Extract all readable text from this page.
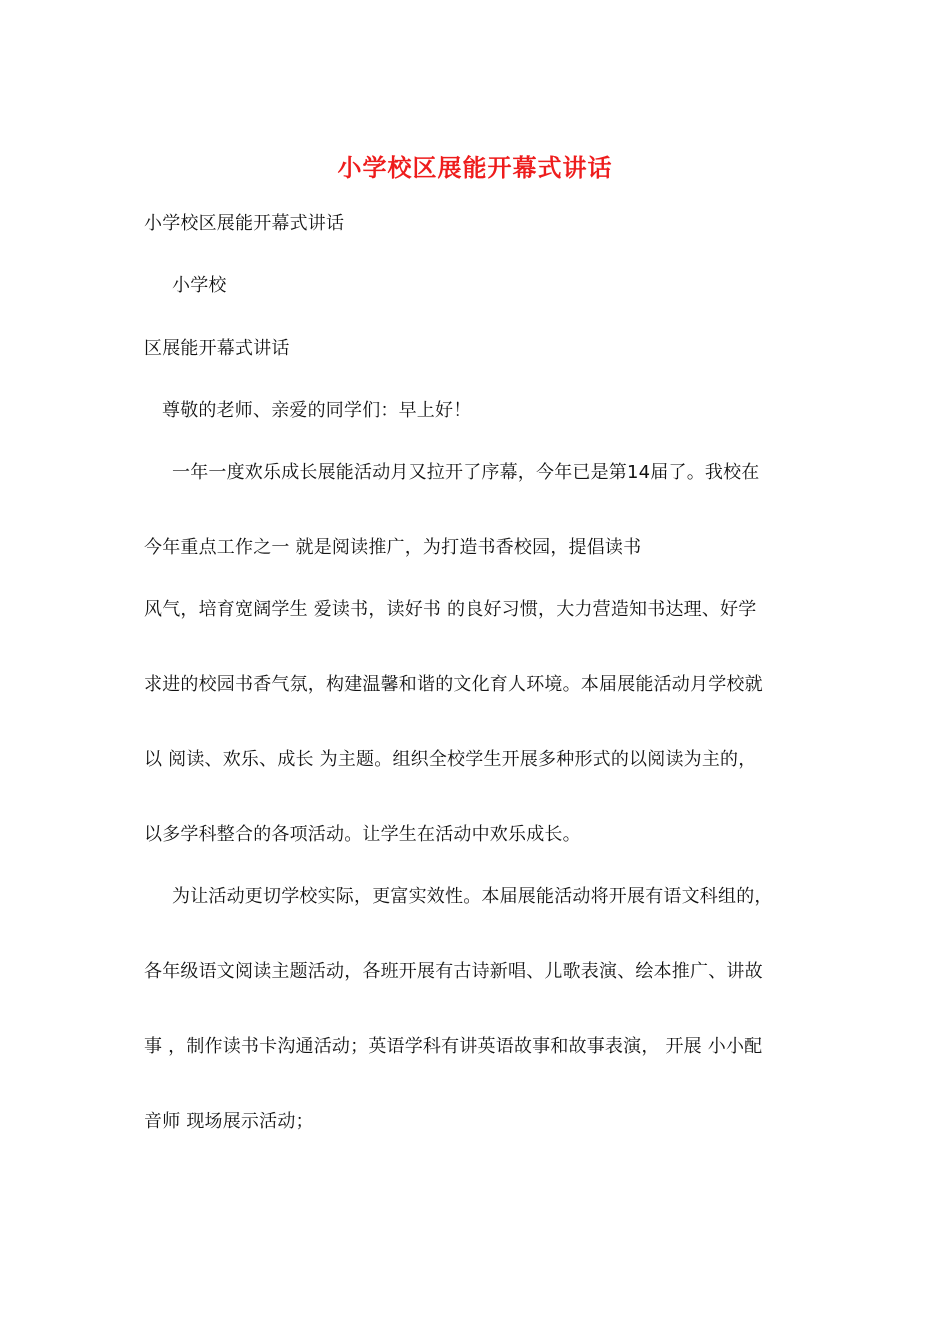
小学校区展能开幕式讲话
小学校区展能开幕式讲话
小学校
区展能开幕式讲话
尊敬的老师、亲爱的同学们：早上好！
一年一度欢乐成长展能活动月又拉开了序幕，今年已是第14届了。我校在
今年重点工作之一 就是阅读推广，为打造书香校园，提倡读书
风气，培育宽阔学生 爱读书，读好书 的良好习惯，大力营造知书达理、好学
求进的校园书香气氛，构建温馨和谐的文化育人环境。本届展能活动月学校就
以 阅读、欢乐、成长 为主题。组织全校学生开展多种形式的以阅读为主的，
以多学科整合的各项活动。让学生在活动中欢乐成长。
为让活动更切学校实际，更富实效性。本届展能活动将开展有语文科组的，
各年级语文阅读主题活动，各班开展有古诗新唱、儿歌表演、绘本推广、讲故
事 ，制作读书卡沟通活动；英语学科有讲英语故事和故事表演， 开展 小小配
音师 现场展示活动；
